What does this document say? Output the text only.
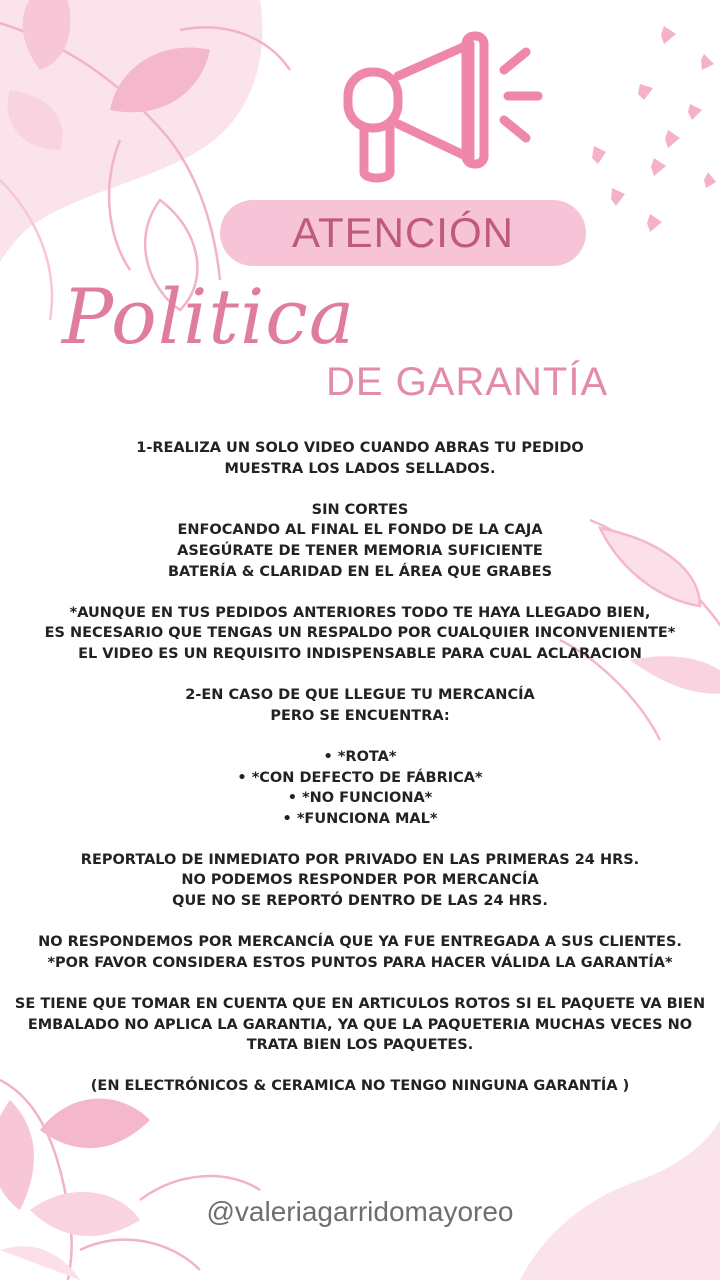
ATENCIÓN
Politica
DE GARANTÍA

1-REALIZA UN SOLO VIDEO CUANDO ABRAS TU PEDIDO

MUESTRA LOS LADOS SELLADOS.

SIN CORTES

ENFOCANDO AL FINAL EL FONDO DE LA CAJA

ASEGÚRATE DE TENER MEMORIA SUFICIENTE

BATERÍA & CLARIDAD EN EL ÁREA QUE GRABES

*AUNQUE EN TUS PEDIDOS ANTERIORES TODO TE HAYA LLEGADO BIEN,

ES NECESARIO QUE TENGAS UN RESPALDO POR CUALQUIER INCONVENIENTE*

EL VIDEO ES UN REQUISITO INDISPENSABLE PARA CUAL ACLARACION

2-EN CASO DE QUE LLEGUE TU MERCANCÍA

PERO SE ENCUENTRA:

• *ROTA*

• *CON DEFECTO DE FÁBRICA*

• *NO FUNCIONA*

• *FUNCIONA MAL*

REPORTALO DE INMEDIATO POR PRIVADO EN LAS PRIMERAS 24 HRS.

NO PODEMOS RESPONDER POR MERCANCÍA

QUE NO SE REPORTÓ DENTRO DE LAS 24 HRS.

NO RESPONDEMOS POR MERCANCÍA QUE YA FUE ENTREGADA A SUS CLIENTES.

*POR FAVOR CONSIDERA ESTOS PUNTOS PARA HACER VÁLIDA LA GARANTÍA*

SE TIENE QUE TOMAR EN CUENTA QUE EN ARTICULOS ROTOS SI EL PAQUETE VA BIEN

EMBALADO NO APLICA LA GARANTIA, YA QUE LA PAQUETERIA MUCHAS VECES NO

TRATA BIEN LOS PAQUETES.

(EN ELECTRÓNICOS & CERAMICA NO TENGO NINGUNA GARANTÍA )

@valeriagarridomayoreo
